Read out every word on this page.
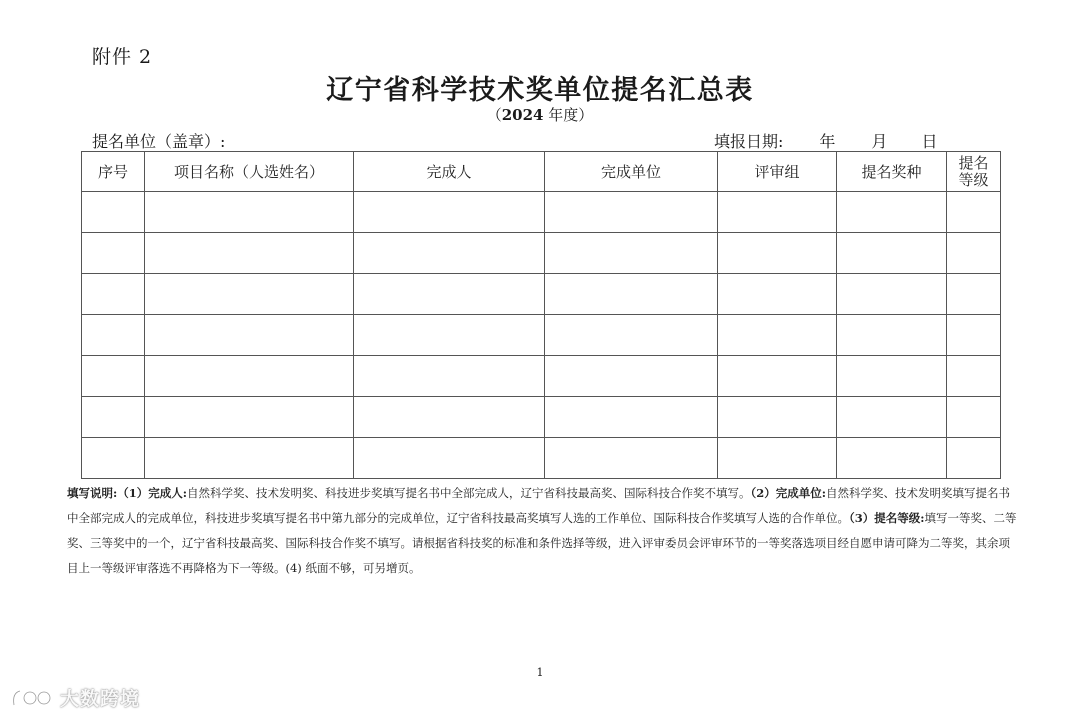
附件 2
辽宁省科学技术奖单位提名汇总表
（2024 年度）
提名单位（盖章）:	填报日期: 年 月 日
序号	项目名称（人选姓名）	完成人	完成单位	评审组	提名奖种	提名
等级

填写说明:（1）完成人:自然科学奖、技术发明奖、科技进步奖填写提名书中全部完成人，辽宁省科技最高奖、国际科技合作奖不填写。（2）完成单位:自然科学奖、技术发明奖填写提名书中全部完成人的完成单位，科技进步奖填写提名书中第九部分的完成单位，辽宁省科技最高奖填写人选的工作单位、国际科技合作奖填写人选的合作单位。（3）提名等级:填写一等奖、二等奖、三等奖中的一个，辽宁省科技最高奖、国际科技合作奖不填写。请根据省科技奖的标准和条件选择等级，进入评审委员会评审环节的一等奖落选项目经自愿申请可降为二等奖，其余项目上一等级评审落选不再降格为下一等级。(4) 纸面不够，可另增页。
1
大数跨境
